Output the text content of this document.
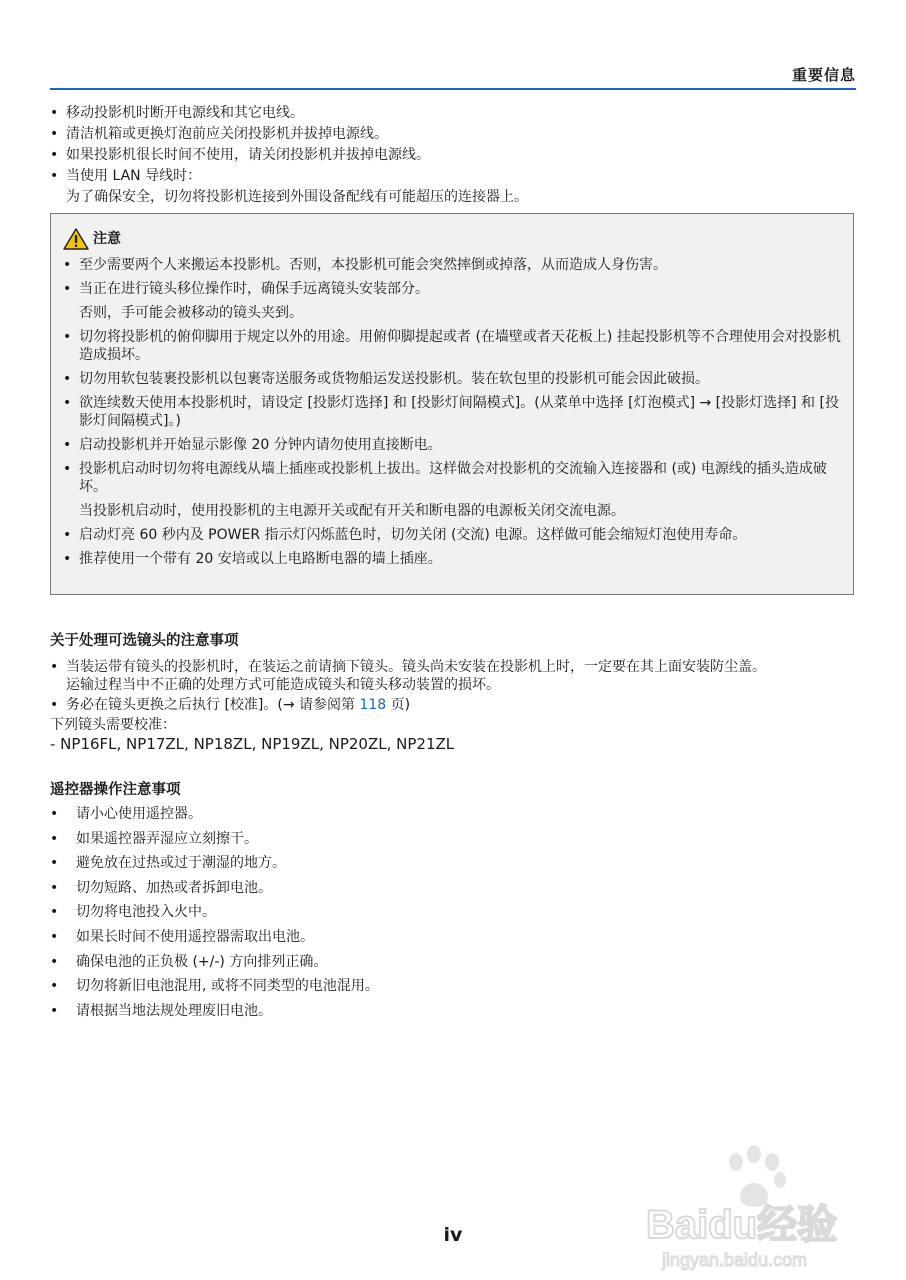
重要信息
• 移动投影机时断开电源线和其它电线。
• 清洁机箱或更换灯泡前应关闭投影机并拔掉电源线。
• 如果投影机很长时间不使用，请关闭投影机并拔掉电源线。
• 当使用 LAN 导线时：
为了确保安全，切勿将投影机连接到外围设备配线有可能超压的连接器上。
注意
• 至少需要两个人来搬运本投影机。否则，本投影机可能会突然摔倒或掉落，从而造成人身伤害。
• 当正在进行镜头移位操作时，确保手远离镜头安装部分。
否则，手可能会被移动的镜头夹到。
• 切勿将投影机的俯仰脚用于规定以外的用途。用俯仰脚提起或者 (在墙壁或者天花板上) 挂起投影机等不合理使用会对投影机造成损坏。
• 切勿用软包装裹投影机以包裹寄送服务或货物船运发送投影机。装在软包里的投影机可能会因此破损。
• 欲连续数天使用本投影机时，请设定 [投影灯选择] 和 [投影灯间隔模式]。(从菜单中选择 [灯泡模式] → [投影灯选择] 和 [投影灯间隔模式]。)
• 启动投影机并开始显示影像 20 分钟内请勿使用直接断电。
• 投影机启动时切勿将电源线从墙上插座或投影机上拔出。这样做会对投影机的交流输入连接器和 (或) 电源线的插头造成破坏。
当投影机启动时，使用投影机的主电源开关或配有开关和断电器的电源板关闭交流电源。
• 启动灯亮 60 秒内及 POWER 指示灯闪烁蓝色时，切勿关闭 (交流) 电源。这样做可能会缩短灯泡使用寿命。
• 推荐使用一个带有 20 安培或以上电路断电器的墙上插座。
关于处理可选镜头的注意事项
• 当装运带有镜头的投影机时，在装运之前请摘下镜头。镜头尚未安装在投影机上时，一定要在其上面安装防尘盖。
运输过程当中不正确的处理方式可能造成镜头和镜头移动装置的损坏。
• 务必在镜头更换之后执行 [校准]。(→ 请参阅第 118 页)
下列镜头需要校准：
- NP16FL, NP17ZL, NP18ZL, NP19ZL, NP20ZL, NP21ZL
遥控器操作注意事项
• 请小心使用遥控器。
• 如果遥控器弄湿应立刻擦干。
• 避免放在过热或过于潮湿的地方。
• 切勿短路、加热或者拆卸电池。
• 切勿将电池投入火中。
• 如果长时间不使用遥控器需取出电池。
• 确保电池的正负极 (+/-) 方向排列正确。
• 切勿将新旧电池混用, 或将不同类型的电池混用。
• 请根据当地法规处理废旧电池。
iv	Baidu经验
jingyan.baidu.com
